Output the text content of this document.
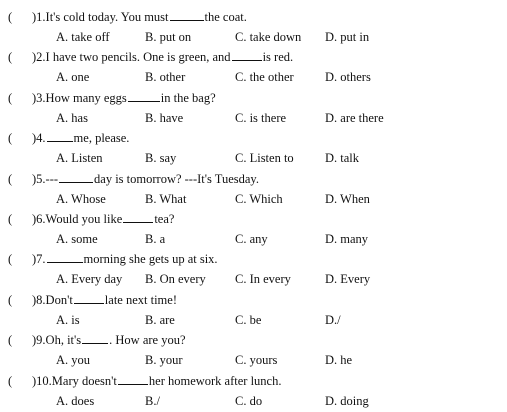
(	)1.It's cold today. You must	the coat.
A. take off	B. put on	C. take down D. put in
(	)2.I have two pencils. One is green, and	is red.
A. one	B. other	C. the other	D. others
(	)3.How many eggs	in the bag?
A. has	B. have	C. is there	D. are there
(	)4. me, please.
A. Listen	B. say	C. Listen to	D. talk
(	)5.---	day is tomorrow? ---It's Tuesday.
A. Whose	B. What	C. Which	D. When
(	)6.Would you like	tea?
A. some	B. a	C. any	D. many
(	)7.	morning she gets up at six.
A. Every day B. On every C. In every	D. Every
(	)8.Don't	late next time!
A. is	B. are	C. be	D./
(	)9.Oh, it's . How are you?
A. you	B. your	C. yours	D. he
(	)10.Mary doesn't	her homework after lunch.
A. does	B./	C. do	D. doing
